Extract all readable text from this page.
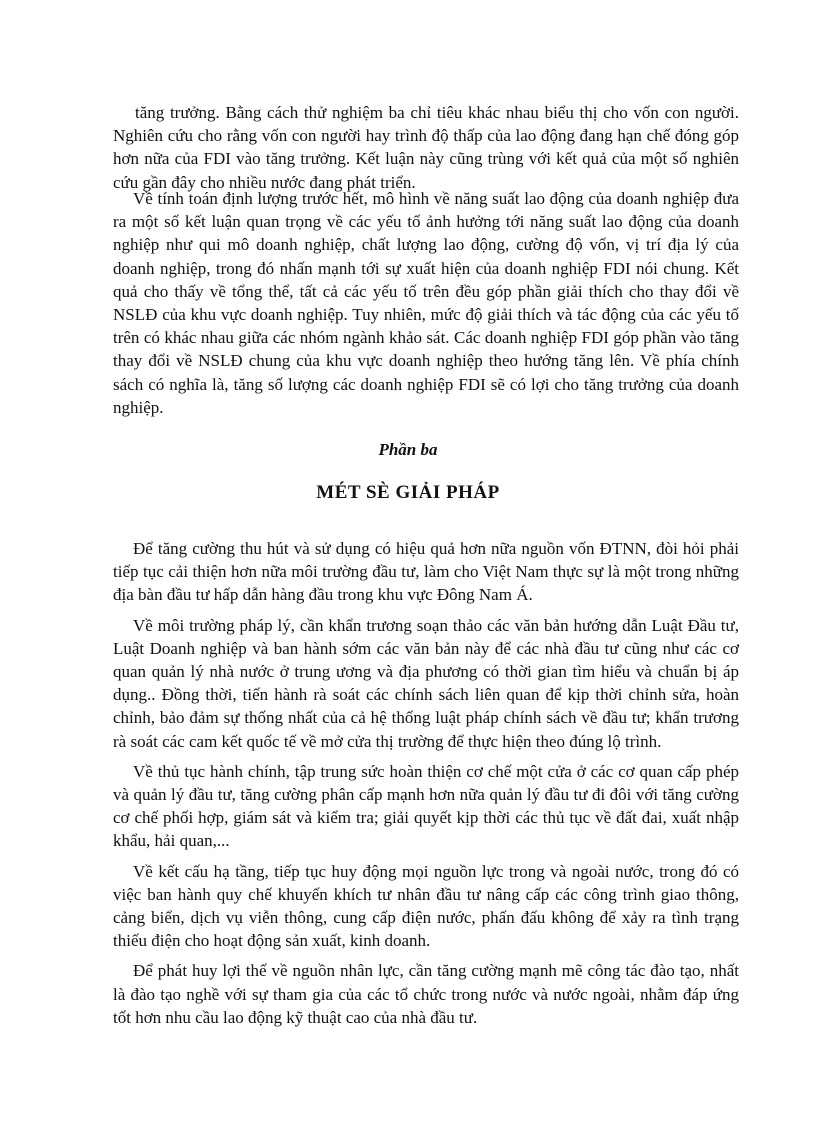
tăng trưởng. Bằng cách thử nghiệm ba chỉ tiêu khác nhau biểu thị cho vốn con người. Nghiên cứu cho rằng vốn con người hay trình độ thấp của lao động đang hạn chế đóng góp hơn nữa của FDI vào tăng trưởng. Kết luận này cũng trùng với kết quả của một số nghiên cứu gần đây cho nhiều nước đang phát triển.

Về tính toán định lượng trước hết, mô hình về năng suất lao động của doanh nghiệp đưa ra một số kết luận quan trọng về các yếu tố ảnh hưởng tới năng suất lao động của doanh nghiệp như qui mô doanh nghiệp, chất lượng lao động, cường độ vốn, vị trí địa lý của doanh nghiệp, trong đó nhấn mạnh tới sự xuất hiện của doanh nghiệp FDI nói chung. Kết quả cho thấy về tổng thể, tất cả các yếu tố trên đều góp phần giải thích cho thay đổi về NSLĐ của khu vực doanh nghiệp. Tuy nhiên, mức độ giải thích và tác động của các yếu tố trên có khác nhau giữa các nhóm ngành khảo sát. Các doanh nghiệp FDI góp phần vào tăng thay đổi về NSLĐ chung của khu vực doanh nghiệp theo hướng tăng lên. Về phía chính sách có nghĩa là, tăng số lượng các doanh nghiệp FDI sẽ có lợi cho tăng trưởng của doanh nghiệp.

Phần ba

MÉT SÈ GIẢI PHÁP

Để tăng cường thu hút và sử dụng có hiệu quả hơn nữa nguồn vốn ĐTNN, đòi hỏi phải tiếp tục cải thiện hơn nữa môi trường đầu tư, làm cho Việt Nam thực sự là một trong những địa bàn đầu tư hấp dẫn hàng đầu trong khu vực Đông Nam Á.

Về môi trường pháp lý, cần khẩn trương soạn thảo các văn bản hướng dẫn Luật Đầu tư, Luật Doanh nghiệp và ban hành sớm các văn bản này để các nhà đầu tư cũng như các cơ quan quản lý nhà nước ở trung ương và địa phương có thời gian tìm hiểu và chuẩn bị áp dụng.. Đồng thời, tiến hành rà soát các chính sách liên quan để kịp thời chỉnh sửa, hoàn chỉnh, bảo đảm sự thống nhất của cả hệ thống luật pháp chính sách về đầu tư; khẩn trương rà soát các cam kết quốc tế về mở cửa thị trường để thực hiện theo đúng lộ trình.

Về thủ tục hành chính, tập trung sức hoàn thiện cơ chế một cửa ở các cơ quan cấp phép và quản lý đầu tư, tăng cường phân cấp mạnh hơn nữa quản lý đầu tư đi đôi với tăng cường cơ chế phối hợp, giám sát và kiểm tra; giải quyết kịp thời các thủ tục về đất đai, xuất nhập khẩu, hải quan,...

Về kết cấu hạ tầng, tiếp tục huy động mọi nguồn lực trong và ngoài nước, trong đó có việc ban hành quy chế khuyến khích tư nhân đầu tư nâng cấp các công trình giao thông, cảng biển, dịch vụ viễn thông, cung cấp điện nước, phấn đấu không để xảy ra tình trạng thiếu điện cho hoạt động sản xuất, kinh doanh.

Để phát huy lợi thế về nguồn nhân lực, cần tăng cường mạnh mẽ công tác đào tạo, nhất là đào tạo nghề với sự tham gia của các tổ chức trong nước và nước ngoài, nhằm đáp ứng tốt hơn nhu cầu lao động kỹ thuật cao của nhà đầu tư.
